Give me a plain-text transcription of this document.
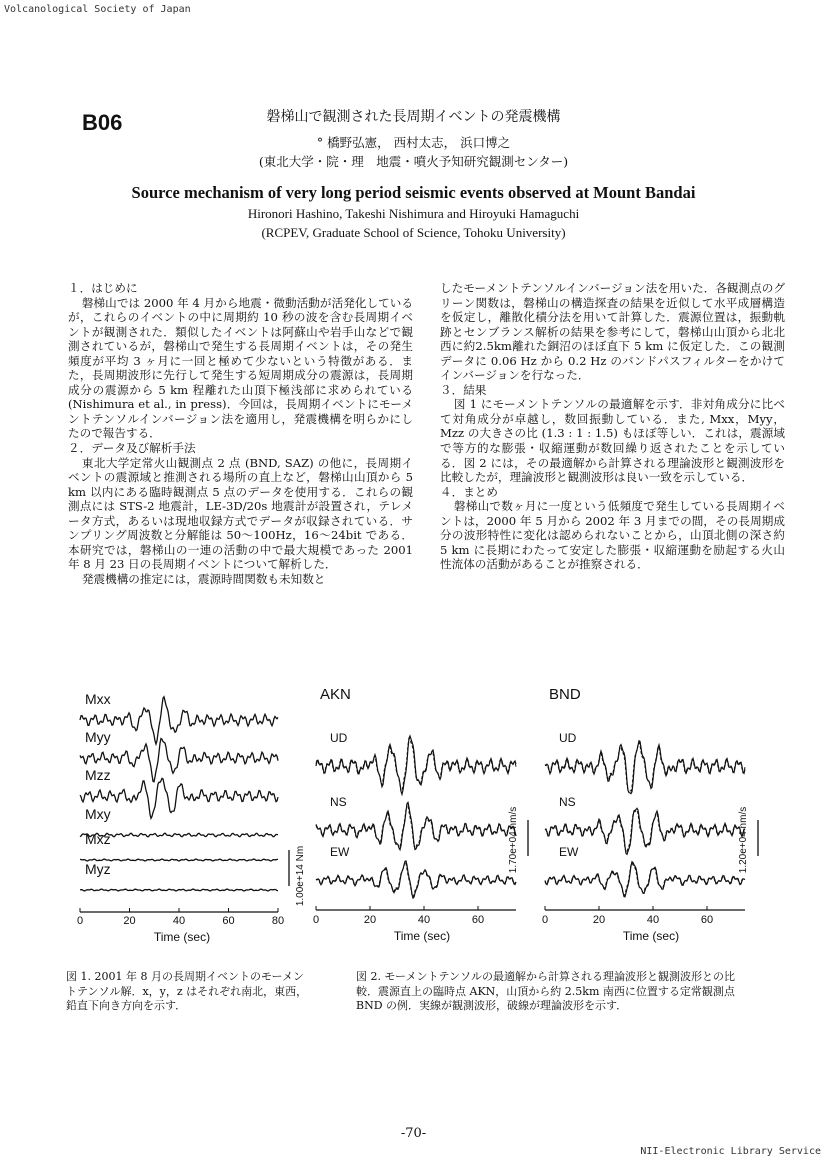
Volcanological Society of Japan
B06	磐梯山で観測された長周期イベントの発震機構
° 橋野弘憲， 西村太志， 浜口博之
(東北大学・院・理　地震・噴火予知研究観測センター)
Source mechanism of very long period seismic events observed at Mount Bandai
Hironori Hashino, Takeshi Nishimura and Hiroyuki Hamaguchi
(RCPEV, Graduate School of Science, Tohoku University)

１．はじめに

磐梯山では 2000 年 4 月から地震・微動活動が活発化しているが，これらのイベントの中に周期約 10 秒の波を含む長周期イベントが観測された．類似したイベントは阿蘇山や岩手山などで観測されているが，磐梯山で発生する長周期イベントは，その発生頻度が平均 3 ヶ月に一回と極めて少ないという特徴がある．また，長周期波形に先行して発生する短周期成分の震源は，長周期成分の震源から 5 km 程離れた山頂下極浅部に求められている (Nishimura et al., in press)．今回は，長周期イベントにモーメントテンソルインバージョン法を適用し，発震機構を明らかにしたので報告する．

２．データ及び解析手法

東北大学定常火山観測点 2 点 (BND, SAZ) の他に，長周期イベントの震源域と推測される場所の直上など，磐梯山山頂から 5 km 以内にある臨時観測点 5 点のデータを使用する．これらの観測点には STS-2 地震計，LE-3D/20s 地震計が設置され，テレメータ方式，あるいは現地収録方式でデータが収録されている．サンプリング周波数と分解能は 50～100Hz，16～24bit である．本研究では，磐梯山の一連の活動の中で最大規模であった 2001 年 8 月 23 日の長周期イベントについて解析した．

発震機構の推定には，震源時間関数も未知数と

したモーメントテンソルインバージョン法を用いた．各観測点のグリーン関数は，磐梯山の構造探査の結果を近似して水平成層構造を仮定し，離散化積分法を用いて計算した．震源位置は，振動軌跡とセンブランス解析の結果を参考にして，磐梯山山頂から北北西に約2.5km離れた銅沼のほぼ直下 5 km に仮定した．この観測データに 0.06 Hz から 0.2 Hz のバンドパスフィルターをかけてインバージョンを行なった．

３．結果

図 1 にモーメントテンソルの最適解を示す．非対角成分に比べて対角成分が卓越し，数回振動している．また, Mxx，Myy，Mzz の大きさの比 (1.3 : 1 : 1.5) もほぼ等しい．これは，震源域で等方的な膨張・収縮運動が数回繰り返されたことを示している．図 2 には，その最適解から計算される理論波形と観測波形を比較したが，理論波形と観測波形は良い一致を示している．

４．まとめ

磐梯山で数ヶ月に一度という低頻度で発生している長周期イベントは，2000 年 5 月から 2002 年 3 月までの間，その長周期成分の波形特性に変化は認められないことから，山頂北側の深さ約 5 km に長期にわたって安定した膨張・収縮運動を励起する火山性流体の活動があることが推察される．

Mxx
Myy
Mzz
Mxy
Mxz
Myz	1.00e+14 Nm
0	20	40	60	80
Time (sec)
AKN
UD
NS
EW	1.70e+04 nm/s
0	20	40	60
Time (sec)
BND
UD
NS
EW	1.20e+04 nm/s
0	20	40	60
Time (sec)

図 1. 2001 年 8 月の長周期イベントのモーメントテンソル解．x，y，z はそれぞれ南北，東西，鉛直下向き方向を示す．

図 2. モーメントテンソルの最適解から計算される理論波形と観測波形との比較．震源直上の臨時点 AKN，山頂から約 2.5km 南西に位置する定常観測点 BND の例．実線が観測波形，破線が理論波形を示す．

-70-
NII-Electronic Library Service
